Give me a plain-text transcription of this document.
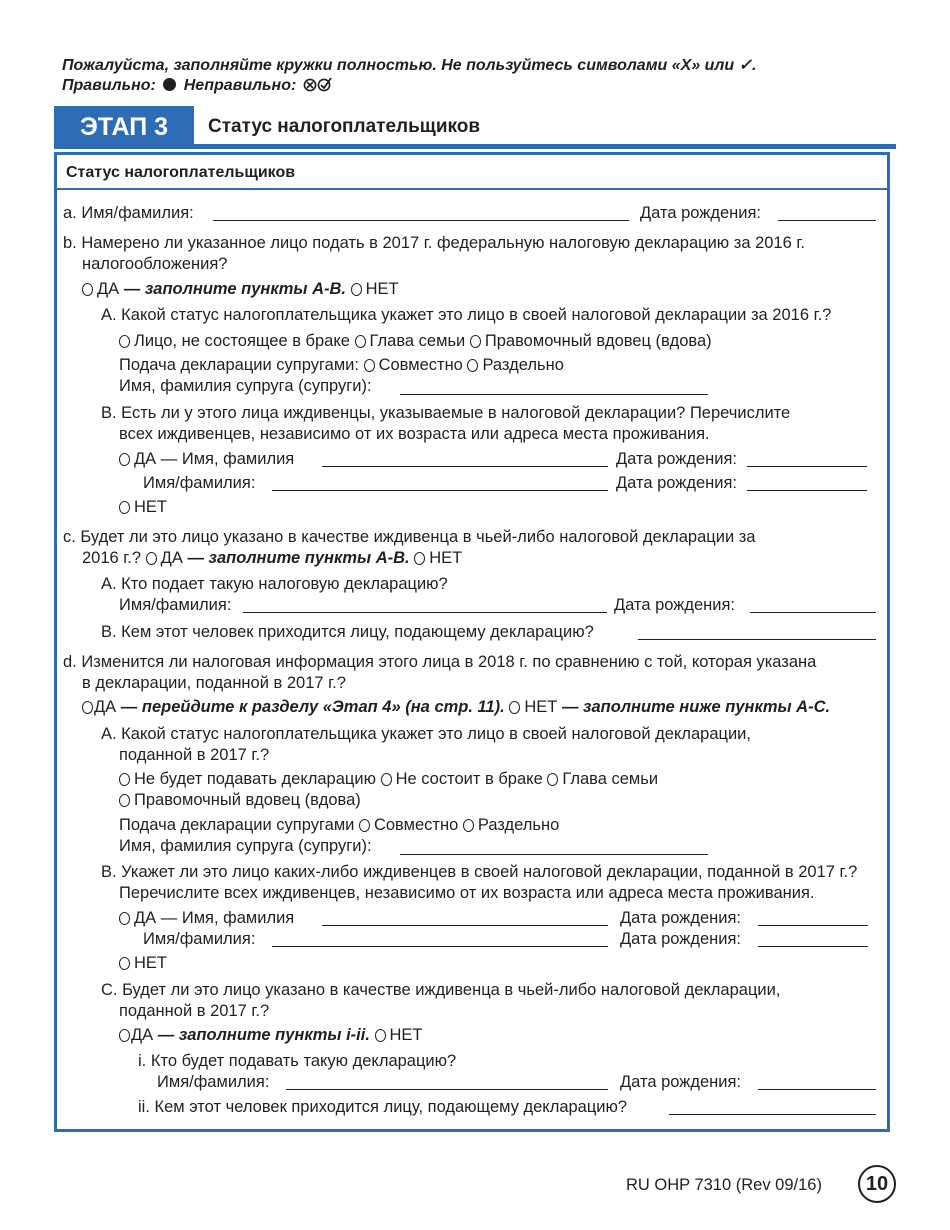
Пожалуйста, заполняйте кружки полностью. Не пользуйтесь символами «X» или ✓.
Правильно: Неправильно:
ЭТАП 3	Статус налогоплательщиков
Статус налогоплательщиков
a. Имя/фамилия:	Дата рождения:
b. Намерено ли указанное лицо подать в 2017 г. федеральную налоговую декларацию за 2016 г.
налогообложения?
ДА — заполните пункты A-B. НЕТ
A. Какой статус налогоплательщика укажет это лицо в своей налоговой декларации за 2016 г.?
Лицо, не состоящее в браке Глава семьи Правомочный вдовец (вдова)
Подача декларации супругами: Совместно Раздельно
Имя, фамилия супруга (супруги):
B. Есть ли у этого лица иждивенцы, указываемые в налоговой декларации? Перечислите
всех иждивенцев, независимо от их возраста или адреса места проживания.
ДА — Имя, фамилия	Дата рождения:
Имя/фамилия:	Дата рождения:
НЕТ
c. Будет ли это лицо указано в качестве иждивенца в чьей-либо налоговой декларации за
2016 г.? ДА — заполните пункты A-B. НЕТ
A. Кто подает такую налоговую декларацию?
Имя/фамилия:	Дата рождения:
B. Кем этот человек приходится лицу, подающему декларацию?
d. Изменится ли налоговая информация этого лица в 2018 г. по сравнению с той, которая указана
в декларации, поданной в 2017 г.?
ДА — перейдите к разделу «Этап 4» (на стр. 11). НЕТ — заполните ниже пункты A-C.
A. Какой статус налогоплательщика укажет это лицо в своей налоговой декларации,
поданной в 2017 г.?
Не будет подавать декларацию Не состоит в браке Глава семьи
Правомочный вдовец (вдова)
Подача декларации супругами Совместно Раздельно
Имя, фамилия супруга (супруги):
B. Укажет ли это лицо каких-либо иждивенцев в своей налоговой декларации, поданной в 2017 г.?
Перечислите всех иждивенцев, независимо от их возраста или адреса места проживания.
ДА — Имя, фамилия	Дата рождения:
Имя/фамилия:	Дата рождения:
НЕТ
C. Будет ли это лицо указано в качестве иждивенца в чьей-либо налоговой декларации,
поданной в 2017 г.?
ДА — заполните пункты i-ii. НЕТ
i. Кто будет подавать такую декларацию?
Имя/фамилия:	Дата рождения:
ii. Кем этот человек приходится лицу, подающему декларацию?
RU OHP 7310 (Rev 09/16)	10
